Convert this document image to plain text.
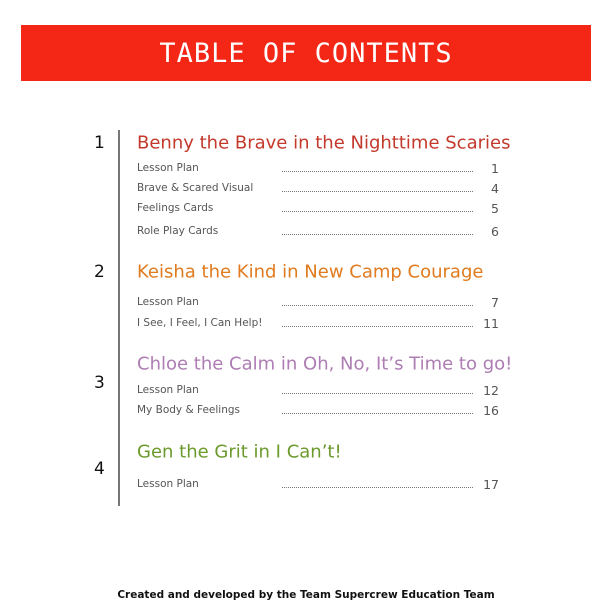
TABLE OF CONTENTS
1 Benny the Brave in the Nighttime Scaries
Lesson Plan	1
Brave & Scared Visual	4
Feelings Cards	5
Role Play Cards	6
2 Keisha the Kind in New Camp Courage
Lesson Plan	7
I See, I Feel, I Can Help!	11
3
Chloe the Calm in Oh, No, It’s Time to go!
Lesson Plan	12
My Body & Feelings	16
4
Gen the Grit in I Can’t!
Lesson Plan	17
Created and developed by the Team Supercrew Education Team
